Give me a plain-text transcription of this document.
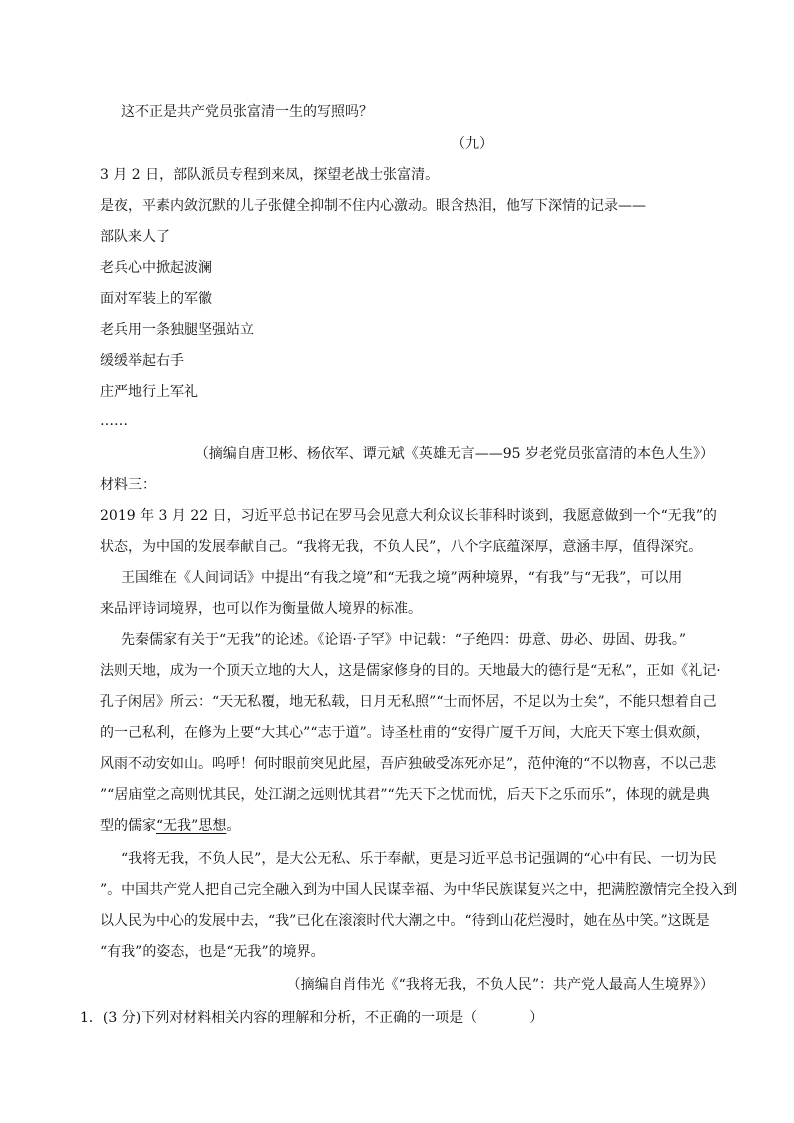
这不正是共产党员张富清一生的写照吗？
（九）
3 月 2 日，部队派员专程到来凤，探望老战士张富清。
是夜，平素内敛沉默的儿子张健全抑制不住内心激动。眼含热泪，他写下深情的记录——
部队来人了
老兵心中掀起波澜
面对军装上的军徽
老兵用一条独腿坚强站立
缓缓举起右手
庄严地行上军礼
……
（摘编自唐卫彬、杨依军、谭元斌《英雄无言——95 岁老党员张富清的本色人生》）
材料三：
2019 年 3 月 22 日，习近平总书记在罗马会见意大利众议长菲科时谈到，我愿意做到一个“无我”的
状态，为中国的发展奉献自己。“我将无我，不负人民”，八个字底蕴深厚，意涵丰厚，值得深究。
王国维在《人间词话》中提出“有我之境”和“无我之境”两种境界，“有我”与“无我”，可以用
来品评诗词境界，也可以作为衡量做人境界的标准。
先秦儒家有关于“无我”的论述。《论语·子罕》中记载：“子绝四：毋意、毋必、毋固、毋我。”
法则天地，成为一个顶天立地的大人，这是儒家修身的目的。天地最大的德行是“无私”，正如《礼记·
孔子闲居》所云：“天无私覆，地无私载，日月无私照”“士而怀居，不足以为士矣”，不能只想着自己
的一己私利，在修为上要“大其心”“志于道”。诗圣杜甫的“安得广厦千万间，大庇天下寒士俱欢颜，
风雨不动安如山。呜呼！何时眼前突见此屋，吾庐独破受冻死亦足”，范仲淹的“不以物喜，不以己悲
”“居庙堂之高则忧其民，处江湖之远则忧其君”“先天下之忧而忧，后天下之乐而乐”，体现的就是典
型的儒家“无我”思想。
“我将无我，不负人民”，是大公无私、乐于奉献，更是习近平总书记强调的“心中有民、一切为民
”。中国共产党人把自己完全融入到为中国人民谋幸福、为中华民族谋复兴之中，把满腔激情完全投入到
以人民为中心的发展中去，“我”已化在滚滚时代大潮之中。“待到山花烂漫时，她在丛中笑。”这既是
“有我”的姿态，也是“无我”的境界。
（摘编自肖伟光《“我将无我，不负人民”：共产党人最高人生境界》）
1．(3 分)下列对材料相关内容的理解和分析，不正确的一项是（	）
